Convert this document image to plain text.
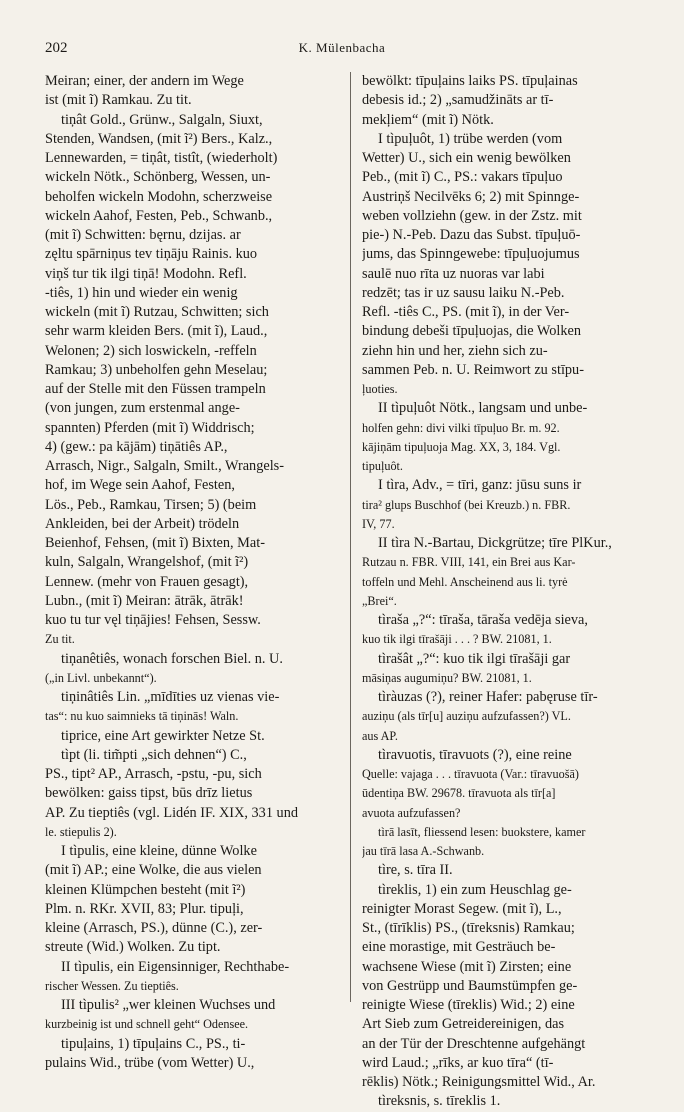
202	K. Mülenbacha
Meiran; einer, der andern im Wege
ist (mit ĩ) Ramkau. Zu tit.
tiņât Gold., Grünw., Salgaln, Siuxt,
Stenden, Wandsen, (mit ĩ²) Bers., Kalz.,
Lennewarden, = tiņât, tistît, (wiederholt)
wickeln Nötk., Schönberg, Wessen, un-
beholfen wickeln Modohn, scherzweise
wickeln Aahof, Festen, Peb., Schwanb.,
(mit ĩ) Schwitten: bęrnu, dzijas. ar
zęltu spārniņus tev tiņāju Rainis. kuo
viņš tur tik ilgi tiņā! Modohn. Refl.
-tiês, 1) hin und wieder ein wenig
wickeln (mit ĩ) Rutzau, Schwitten; sich
sehr warm kleiden Bers. (mit ĩ), Laud.,
Welonen; 2) sich loswickeln, -reffeln
Ramkau; 3) unbeholfen gehn Meselau;
auf der Stelle mit den Füssen trampeln
(von jungen, zum erstenmal ange-
spannten) Pferden (mit ĩ) Widdrisch;
4) (gew.: pa kājām) tiņātiês AP.,
Arrasch, Nigr., Salgaln, Smilt., Wrangels-
hof, im Wege sein Aahof, Festen,
Lös., Peb., Ramkau, Tirsen; 5) (beim
Ankleiden, bei der Arbeit) trödeln
Beienhof, Fehsen, (mit ĩ) Bixten, Mat-
kuln, Salgaln, Wrangelshof, (mit ĩ²)
Lennew. (mehr von Frauen gesagt),
Lubn., (mit ĩ) Meiran: ātrāk, ātrāk!
kuo tu tur vęl tiņājies! Fehsen, Sessw.
Zu tit.
tiņanêtiês, wonach forschen Biel. n. U.
(„in Livl. unbekannt“).
tiņinâtiês Lin. „mīdīties uz vienas vie-
tas“: nu kuo saimnieks tā tiņinās! Waln.
tiprice, eine Art gewirkter Netze St.
tìpt (li. tim̃pti „sich dehnen“) C.,
PS., tipt² AP., Arrasch, -pstu, -pu, sich
bewölken: gaiss tipst, būs drīz lietus
AP. Zu tieptiês (vgl. Lidén IF. XIX, 331 und
le. stiepulis 2).
I tìpulis, eine kleine, dünne Wolke
(mit ĩ) AP.; eine Wolke, die aus vielen
kleinen Klümpchen besteht (mit ĩ²)
Plm. n. RKr. XVII, 83; Plur. tipuļi,
kleine (Arrasch, PS.), dünne (C.), zer-
streute (Wid.) Wolken. Zu tipt.
II tìpulis, ein Eigensinniger, Rechthabe-
rischer Wessen. Zu tieptiês.
III tìpulis² „wer kleinen Wuchses und
kurzbeinig ist und schnell geht“ Odensee.
tipuļains, 1) tīpuļains C., PS., ti-
pulains Wid., trübe (vom Wetter) U.,
bewölkt: tīpuļains laiks PS. tīpuļainas
debesis id.; 2) „samudžināts ar tī-
mekļiem“ (mit ĩ) Nötk.
I tìpuļuôt, 1) trübe werden (vom
Wetter) U., sich ein wenig bewölken
Peb., (mit ĩ) C., PS.: vakars tīpuļuo
Austriņš Necilvēks 6; 2) mit Spinnge-
weben vollziehn (gew. in der Zstz. mit
pie-) N.-Peb. Dazu das Subst. tīpuļuō-
jums, das Spinngewebe: tīpuļuojumus
saulē nuo rīta uz nuoras var labi
redzēt; tas ir uz sausu laiku N.-Peb.
Refl. -tiês C., PS. (mit ĩ), in der Ver-
bindung debeši tīpuļuojas, die Wolken
ziehn hin und her, ziehn sich zu-
sammen Peb. n. U. Reimwort zu stīpu-
ļuoties.
II tìpuļuôt Nötk., langsam und unbe-
holfen gehn: divi vilki tīpuļuo Br. m. 92.
kājiņām tipuļuoja Mag. XX, 3, 184. Vgl.
tipuļuôt.
I tìra, Adv., = tīri, ganz: jūsu suns ir
tira² glups Buschhof (bei Kreuzb.) n. FBR.
IV, 77.
II tìra N.-Bartau, Dickgrütze; tīre PlKur.,
Rutzau n. FBR. VIII, 141, ein Brei aus Kar-
toffeln und Mehl. Anscheinend aus li. tyrė
„Brei“.
tìraša „?“: tīraša, tāraša vedēja sieva,
kuo tik ilgi tīrašāji . . . ? BW. 21081, 1.
tìrašât „?“: kuo tik ilgi tīrašāji gar
māsiņas augumiņu? BW. 21081, 1.
tìràuzas (?), reiner Hafer: pabęruse tīr-
auziņu (als tīr[u] auziņu aufzufassen?) VL.
aus AP.
tìravuotis, tīravuots (?), eine reine
Quelle: vajaga . . . tīravuota (Var.: tīravuošā)
ūdentiņa BW. 29678. tīravuota als tīr[a]
avuota aufzufassen?
tìrā lasīt, fliessend lesen: buokstere, kamer
jau tīrā lasa A.-Schwanb.
tìre, s. tīra II.
tìreklis, 1) ein zum Heuschlag ge-
reinigter Morast Segew. (mit ĩ), L.,
St., (tīrīklis) PS., (tīreksnis) Ramkau;
eine morastige, mit Gesträuch be-
wachsene Wiese (mit ĩ) Zirsten; eine
von Gestrüpp und Baumstümpfen ge-
reinigte Wiese (tīreklis) Wid.; 2) eine
Art Sieb zum Getreidereinigen, das
an der Tür der Dreschtenne aufgehängt
wird Laud.; „rīks, ar kuo tīra“ (tī-
rēklis) Nötk.; Reinigungsmittel Wid., Ar.
tìreksnis, s. tīreklis 1.
